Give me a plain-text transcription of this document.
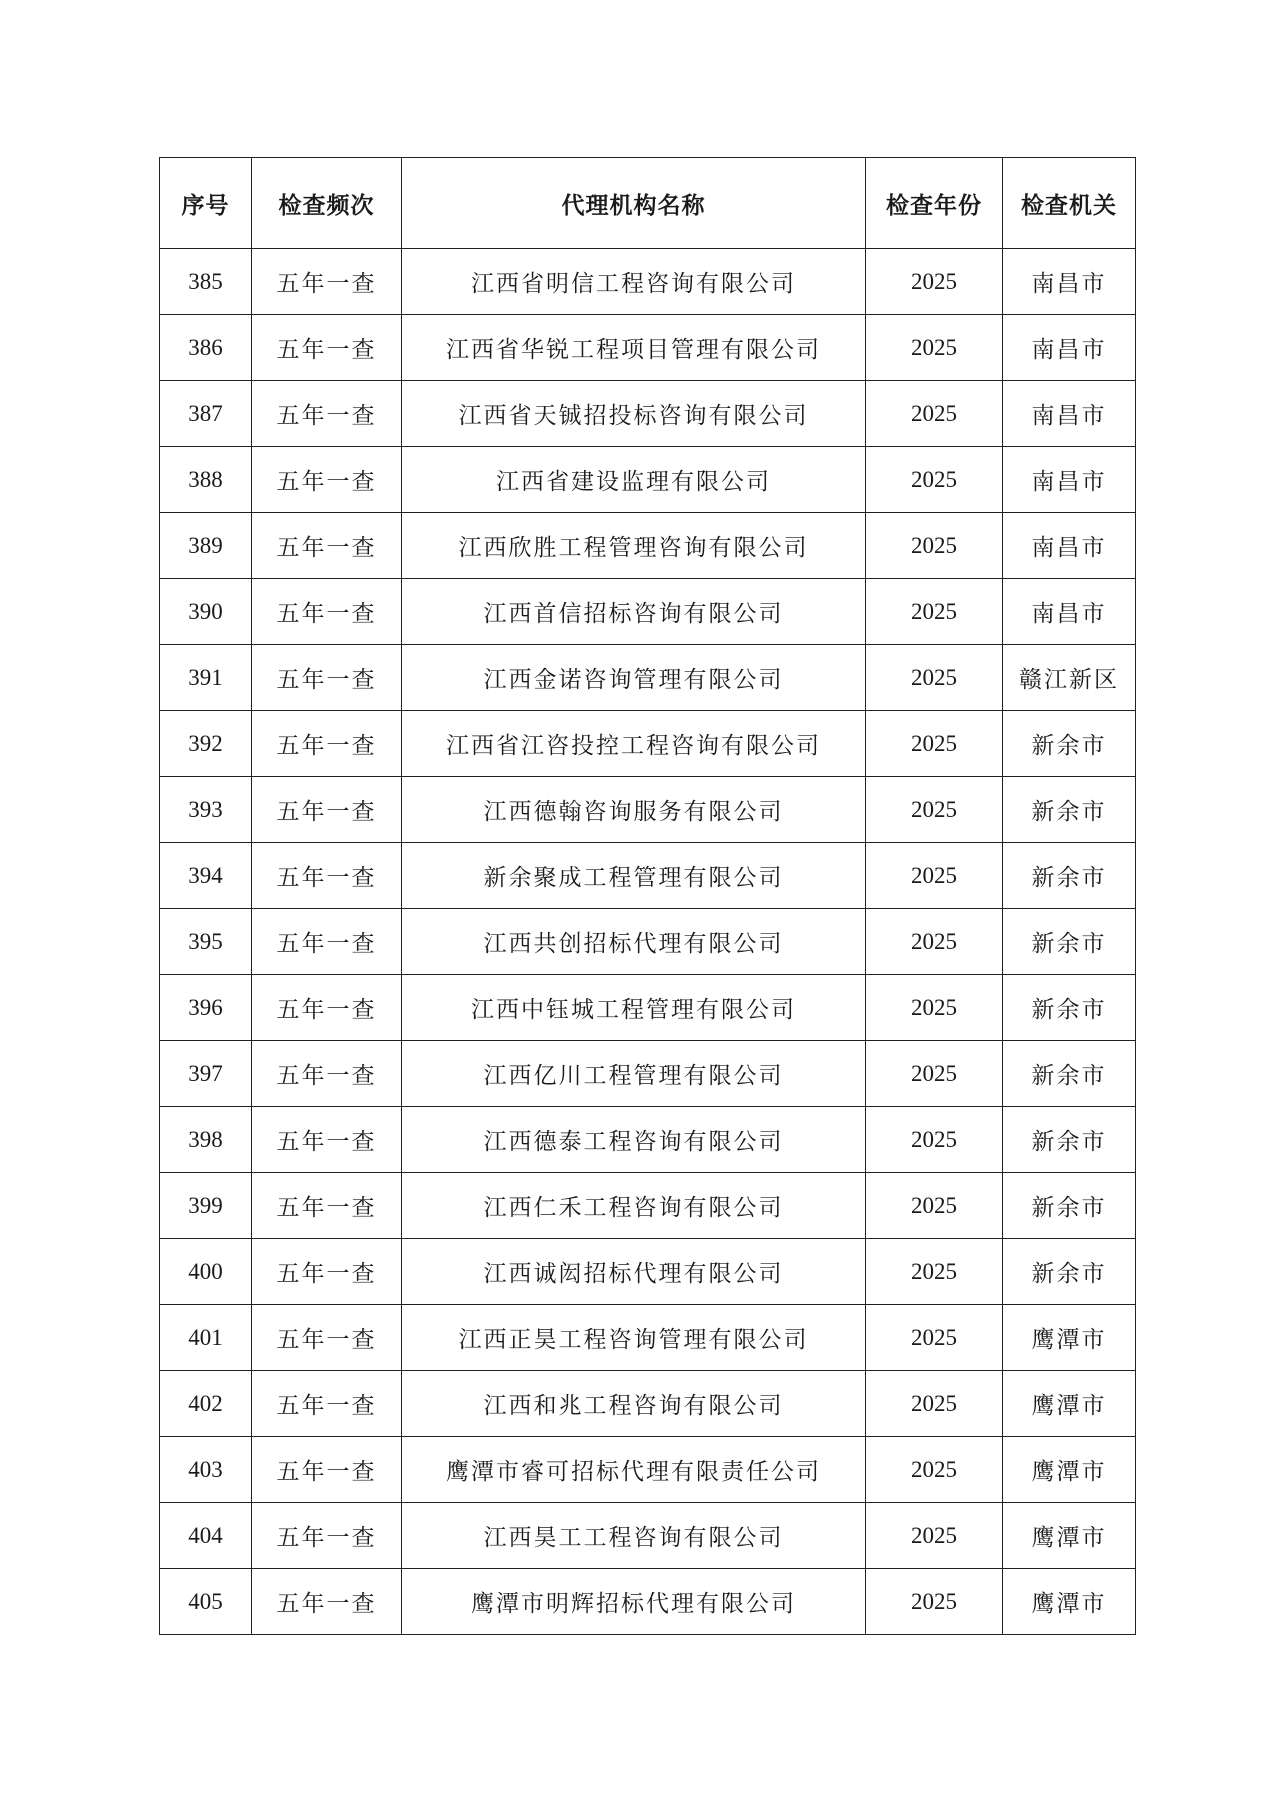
序号	检查频次	代理机构名称	检查年份	检查机关
385	五年一查	江西省明信工程咨询有限公司	2025	南昌市
386	五年一查	江西省华锐工程项目管理有限公司	2025	南昌市
387	五年一查	江西省天铖招投标咨询有限公司	2025	南昌市
388	五年一查	江西省建设监理有限公司	2025	南昌市
389	五年一查	江西欣胜工程管理咨询有限公司	2025	南昌市
390	五年一查	江西首信招标咨询有限公司	2025	南昌市
391	五年一查	江西金诺咨询管理有限公司	2025	赣江新区
392	五年一查	江西省江咨投控工程咨询有限公司	2025	新余市
393	五年一查	江西德翰咨询服务有限公司	2025	新余市
394	五年一查	新余聚成工程管理有限公司	2025	新余市
395	五年一查	江西共创招标代理有限公司	2025	新余市
396	五年一查	江西中钰城工程管理有限公司	2025	新余市
397	五年一查	江西亿川工程管理有限公司	2025	新余市
398	五年一查	江西德泰工程咨询有限公司	2025	新余市
399	五年一查	江西仁禾工程咨询有限公司	2025	新余市
400	五年一查	江西诚闳招标代理有限公司	2025	新余市
401	五年一查	江西正昊工程咨询管理有限公司	2025	鹰潭市
402	五年一查	江西和兆工程咨询有限公司	2025	鹰潭市
403	五年一查	鹰潭市睿可招标代理有限责任公司	2025	鹰潭市
404	五年一查	江西昊工工程咨询有限公司	2025	鹰潭市
405	五年一查	鹰潭市明辉招标代理有限公司	2025	鹰潭市
